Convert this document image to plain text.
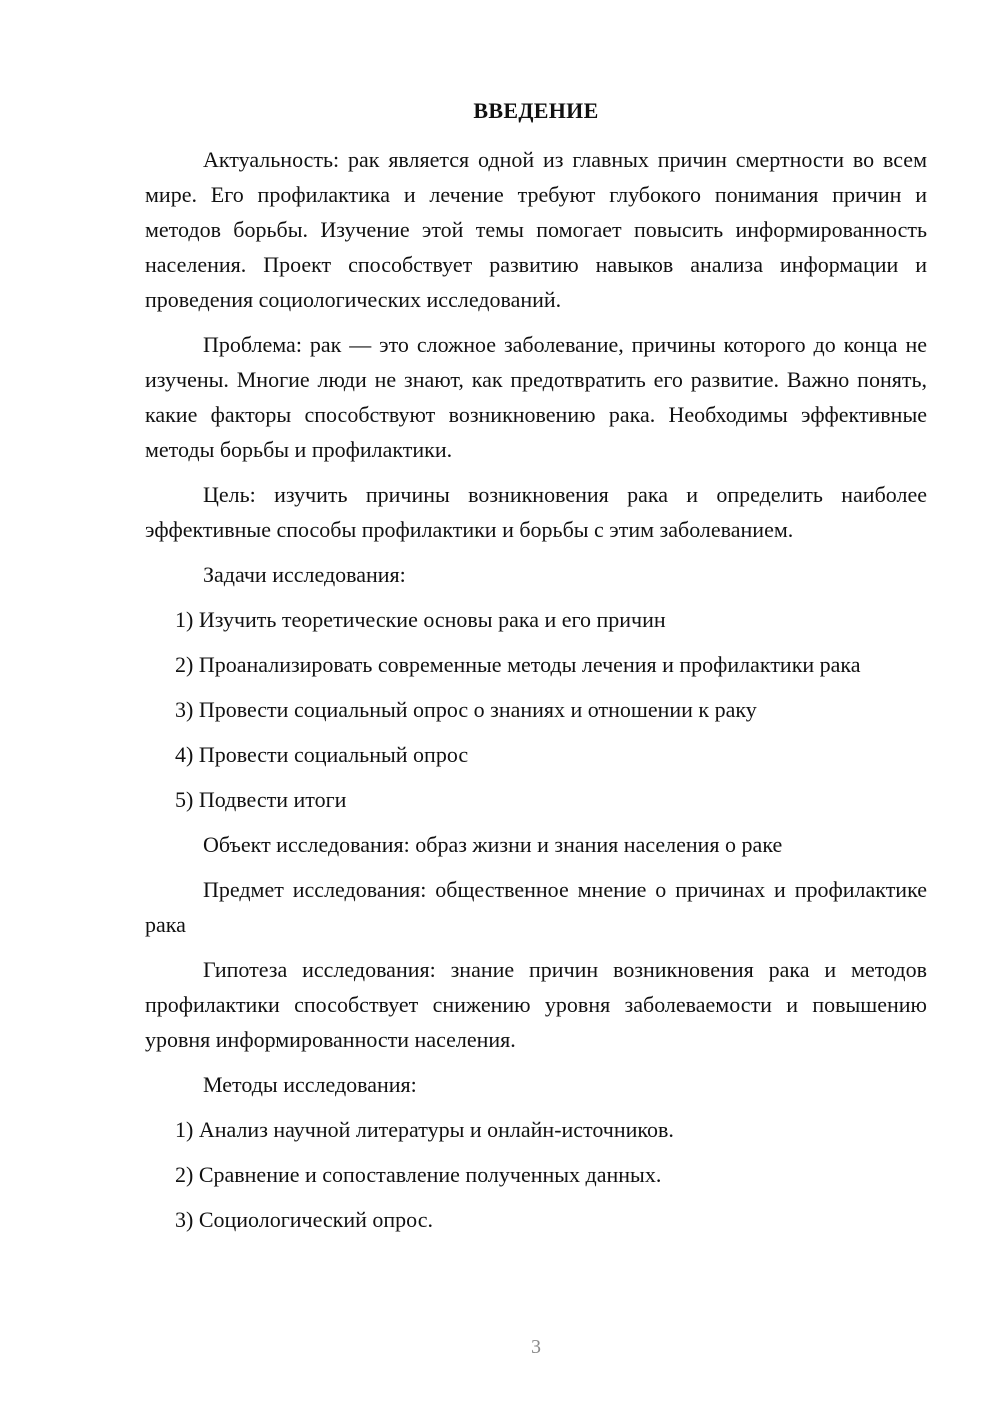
ВВЕДЕНИЕ

Актуальность: рак является одной из главных причин смертности во всем мире. Его профилактика и лечение требуют глубокого понимания причин и методов борьбы. Изучение этой темы помогает повысить информированность населения. Проект способствует развитию навыков анализа информации и проведения социологических исследований.

Проблема: рак — это сложное заболевание, причины которого до конца не изучены. Многие люди не знают, как предотвратить его развитие. Важно понять, какие факторы способствуют возникновению рака. Необходимы эффективные методы борьбы и профилактики.

Цель: изучить причины возникновения рака и определить наиболее эффективные способы профилактики и борьбы с этим заболеванием.

Задачи исследования:

1) Изучить теоретические основы рака и его причин

2) Проанализировать современные методы лечения и профилактики рака

3) Провести социальный опрос о знаниях и отношении к раку

4) Провести социальный опрос

5) Подвести итоги

Объект исследования: образ жизни и знания населения о раке

Предмет исследования: общественное мнение о причинах и профилактике рака

Гипотеза исследования: знание причин возникновения рака и методов профилактики способствует снижению уровня заболеваемости и повышению уровня информированности населения.

Методы исследования:

1) Анализ научной литературы и онлайн-источников.

2) Сравнение и сопоставление полученных данных.

3) Социологический опрос.

3
